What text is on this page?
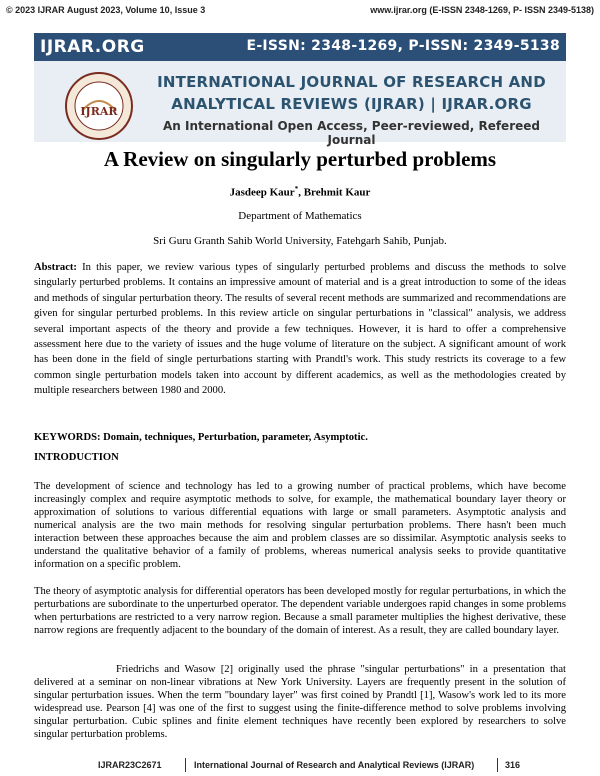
© 2023 IJRAR August 2023, Volume 10, Issue 3	www.ijrar.org (E-ISSN 2348-1269, P- ISSN 2349-5138)
IJRAR.ORG	E-ISSN: 2348-1269, P-ISSN: 2349-5138
IJRAR
INTERNATIONAL JOURNAL OF RESEARCH AND
ANALYTICAL REVIEWS (IJRAR) | IJRAR.ORG
An International Open Access, Peer-reviewed, Refereed Journal
A Review on singularly perturbed problems
Jasdeep Kaur*, Brehmit Kaur
Department of Mathematics
Sri Guru Granth Sahib World University, Fatehgarh Sahib, Punjab.
Abstract: In this paper, we review various types of singularly perturbed problems and discuss the methods to solve singularly perturbed problems. It contains an impressive amount of material and is a great introduction to some of the ideas and methods of singular perturbation theory. The results of several recent methods are summarized and recommendations are given for singular perturbed problems. In this review article on singular perturbations in "classical" analysis, we address several important aspects of the theory and provide a few techniques. However, it is hard to offer a comprehensive assessment here due to the variety of issues and the huge volume of literature on the subject. A significant amount of work has been done in the field of single perturbations starting with Prandtl's work. This study restricts its coverage to a few common single perturbation models taken into account by different academics, as well as the methodologies created by multiple researchers between 1980 and 2000.
KEYWORDS: Domain, techniques, Perturbation, parameter, Asymptotic.
INTRODUCTION
The development of science and technology has led to a growing number of practical problems, which have become increasingly complex and require asymptotic methods to solve, for example, the mathematical boundary layer theory or approximation of solutions to various differential equations with large or small parameters. Asymptotic analysis and numerical analysis are the two main methods for resolving singular perturbation problems. There hasn't been much interaction between these approaches because the aim and problem classes are so dissimilar. Asymptotic analysis seeks to understand the qualitative behavior of a family of problems, whereas numerical analysis seeks to provide quantitative information on a specific problem.
The theory of asymptotic analysis for differential operators has been developed mostly for regular perturbations, in which the perturbations are subordinate to the unperturbed operator. The dependent variable undergoes rapid changes in some problems when perturbations are restricted to a very narrow region. Because a small parameter multiplies the highest derivative, these narrow regions are frequently adjacent to the boundary of the domain of interest. As a result, they are called boundary layer.
Friedrichs and Wasow [2] originally used the phrase "singular perturbations" in a presentation that delivered at a seminar on non-linear vibrations at New York University. Layers are frequently present in the solution of singular perturbation issues. When the term "boundary layer" was first coined by Prandtl [1], Wasow's work led to its more widespread use. Pearson [4] was one of the first to suggest using the finite-difference method to solve problems involving singular perturbation. Cubic splines and finite element techniques have recently been explored by researchers to solve singular perturbation problems.
IJRAR23C2671	International Journal of Research and Analytical Reviews (IJRAR)	316
